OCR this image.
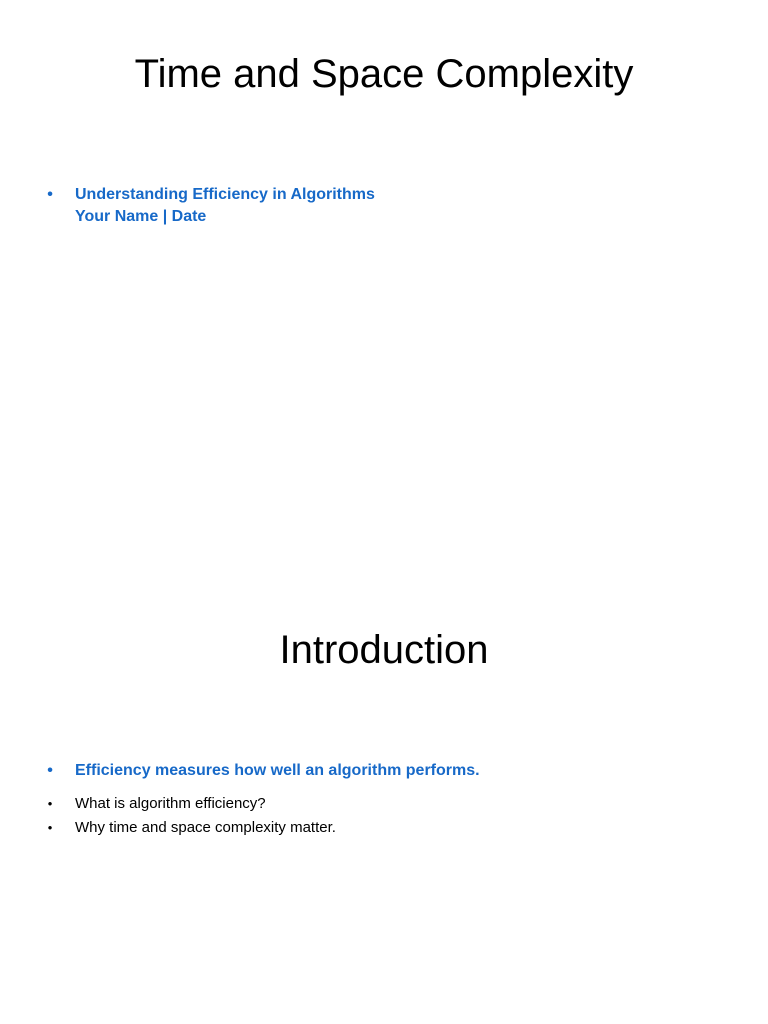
Time and Space Complexity
• Understanding Efficiency in Algorithms
Your Name | Date
Introduction
• Efficiency measures how well an algorithm performs.
• What is algorithm efficiency?
• Why time and space complexity matter.
